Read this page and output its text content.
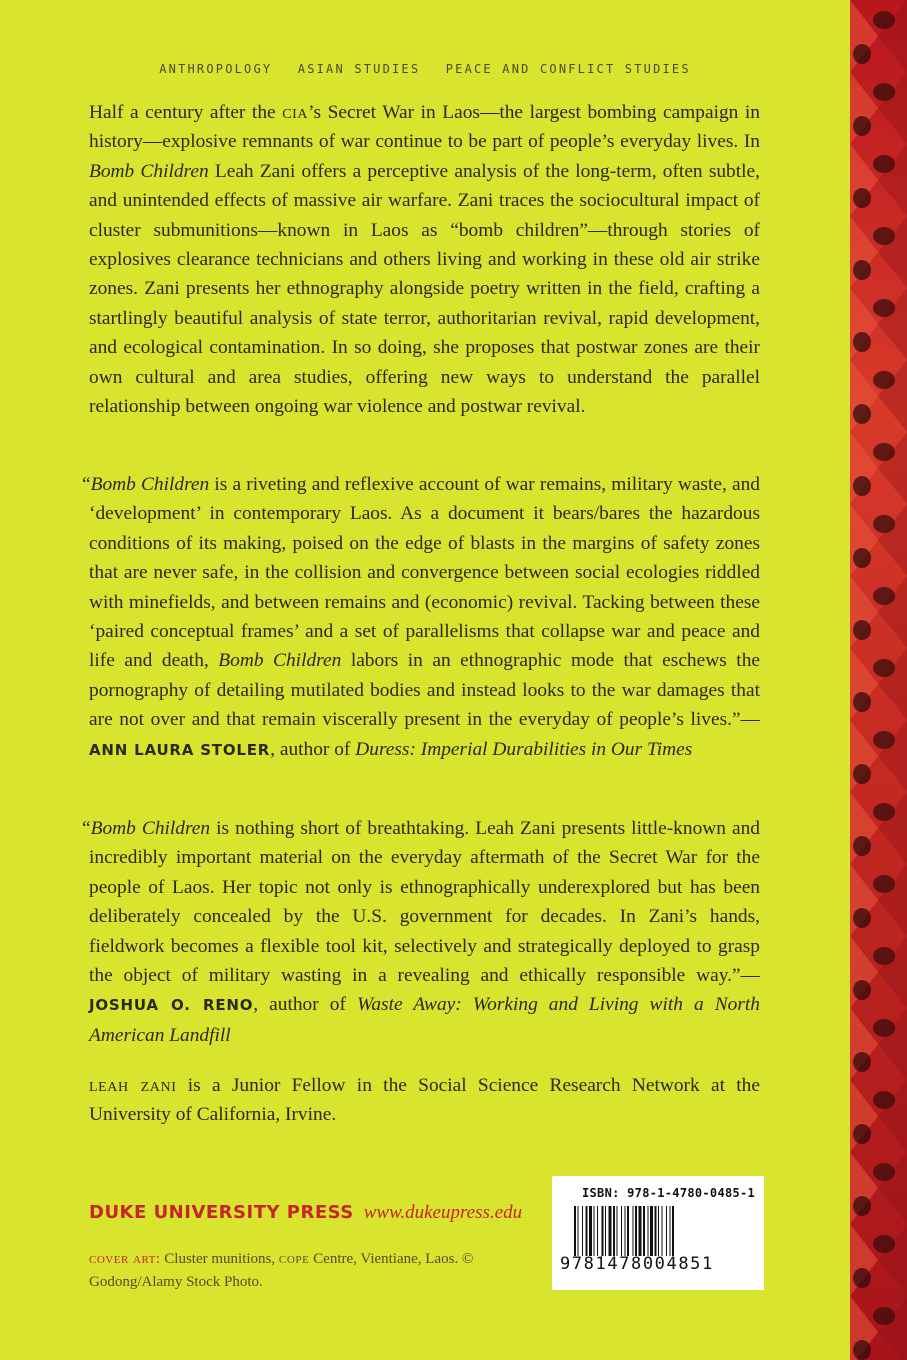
ANTHROPOLOGY ASIAN STUDIES PEACE AND CONFLICT STUDIES
Half a century after the cia’s Secret War in Laos—the largest bombing campaign in history—explosive remnants of war continue to be part of people’s everyday lives. In Bomb Children Leah Zani offers a perceptive analysis of the long-term, often subtle, and unintended effects of massive air warfare. Zani traces the sociocultural impact of cluster submunitions—known in Laos as “bomb children”—through stories of explosives clearance technicians and others living and working in these old air strike zones. Zani presents her ethnography alongside poetry written in the field, crafting a startlingly beautiful analysis of state terror, authoritarian revival, rapid development, and ecological contamination. In so doing, she proposes that postwar zones are their own cultural and area studies, offering new ways to understand the parallel relationship between ongoing war violence and postwar revival.
“Bomb Children is a riveting and reflexive account of war remains, military waste, and ‘development’ in contemporary Laos. As a document it bears/bares the hazardous conditions of its making, poised on the edge of blasts in the margins of safety zones that are never safe, in the collision and convergence between social ecologies riddled with minefields, and between remains and (economic) revival. Tacking between these ‘paired conceptual frames’ and a set of parallelisms that collapse war and peace and life and death, Bomb Children labors in an ethnographic mode that eschews the pornography of detailing mutilated bodies and instead looks to the war damages that are not over and that remain viscerally present in the everyday of people’s lives.”—ANN LAURA STOLER, author of Duress: Imperial Durabilities in Our Times
“Bomb Children is nothing short of breathtaking. Leah Zani presents little-known and incredibly important material on the everyday aftermath of the Secret War for the people of Laos. Her topic not only is ethnographically underexplored but has been deliberately concealed by the U.S. government for decades. In Zani’s hands, fieldwork becomes a flexible tool kit, selectively and strategically deployed to grasp the object of military wasting in a revealing and ethically responsible way.”—JOSHUA O. RENO, author of Waste Away: Working and Living with a North American Landfill
leah zani is a Junior Fellow in the Social Science Research Network at the University of California, Irvine.
DUKE UNIVERSITY PRESS www.dukeupress.edu
cover art: Cluster munitions, cope Centre, Vientiane, Laos. © Godong/Alamy Stock Photo.
ISBN: 978-1-4780-0485-1
9781478004851
